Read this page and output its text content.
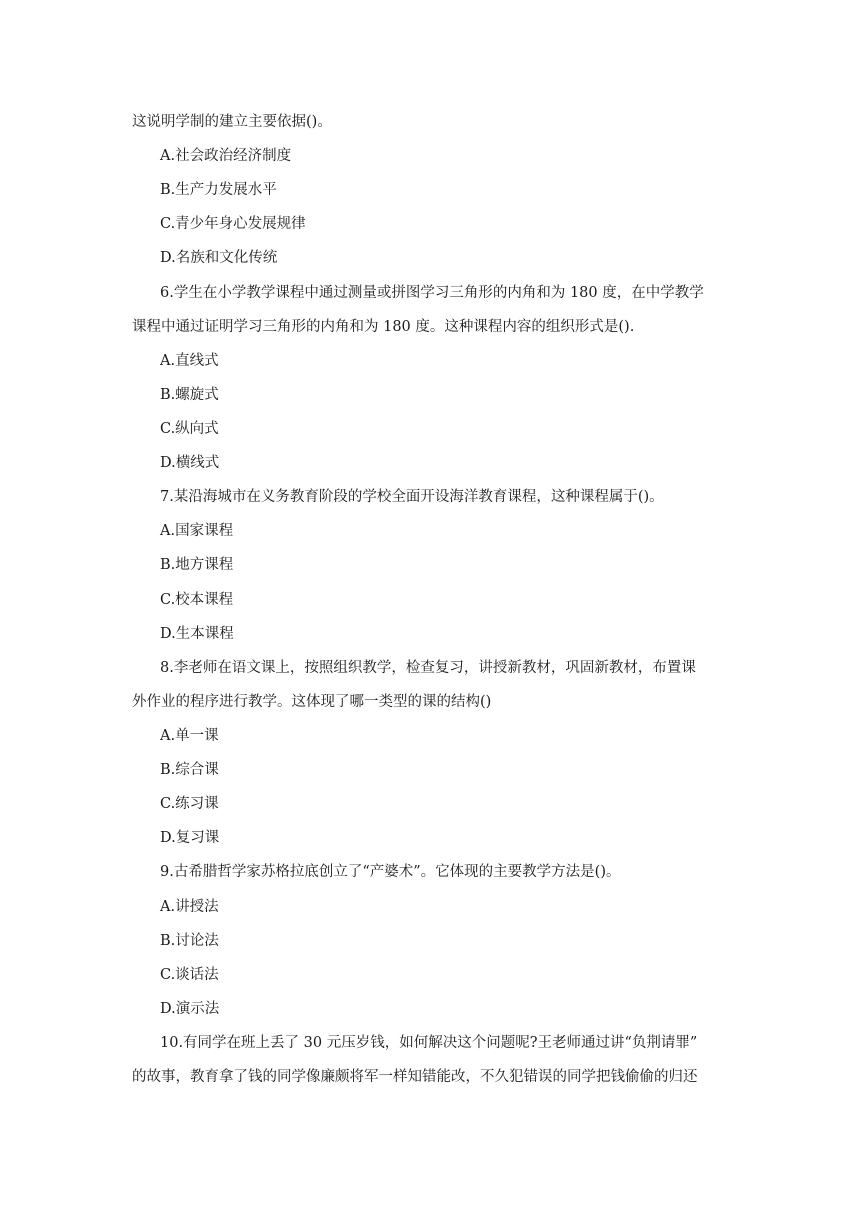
这说明学制的建立主要依据()。
A.社会政治经济制度
B.生产力发展水平
C.青少年身心发展规律
D.名族和文化传统
6.学生在小学教学课程中通过测量或拼图学习三角形的内角和为 180 度，在中学教学
课程中通过证明学习三角形的内角和为 180 度。这种课程内容的组织形式是().
A.直线式
B.螺旋式
C.纵向式
D.横线式
7.某沿海城市在义务教育阶段的学校全面开设海洋教育课程，这种课程属于()。
A.国家课程
B.地方课程
C.校本课程
D.生本课程
8.李老师在语文课上，按照组织教学，检查复习，讲授新教材，巩固新教材，布置课
外作业的程序进行教学。这体现了哪一类型的课的结构()
A.单一课
B.综合课
C.练习课
D.复习课
9.古希腊哲学家苏格拉底创立了“产婆术”。它体现的主要教学方法是()。
A.讲授法
B.讨论法
C.谈话法
D.演示法
10.有同学在班上丢了 30 元压岁钱，如何解决这个问题呢?王老师通过讲“负荆请罪”
的故事，教育拿了钱的同学像廉颇将军一样知错能改，不久犯错误的同学把钱偷偷的归还
